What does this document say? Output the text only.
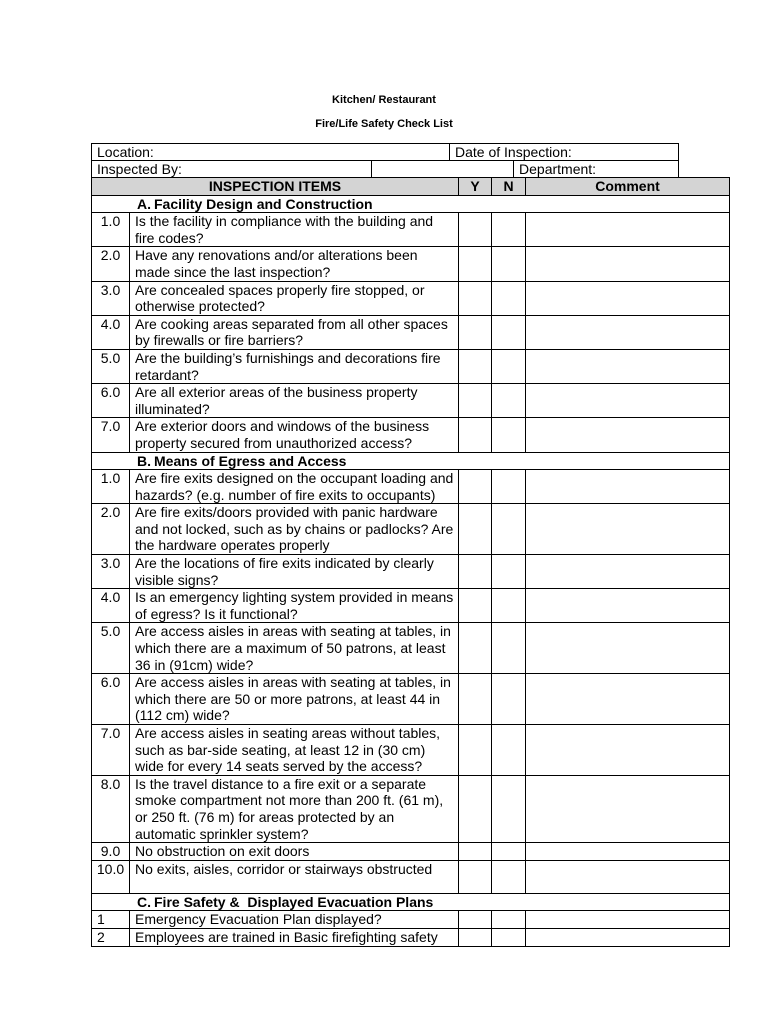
Kitchen/ Restaurant
Fire/Life Safety Check List
Location:		Date of Inspection:	
Inspected By:			Department:
INSPECTION ITEMS		Y	N	Comment
A. Facility Design and Construction				
1.0	Is the facility in compliance with the building and fire codes?			
2.0	Have any renovations and/or alterations been made since the last inspection?			
3.0	Are concealed spaces properly fire stopped, or otherwise protected?			
4.0	Are cooking areas separated from all other spaces by firewalls or fire barriers?			
5.0	Are the building’s furnishings and decorations fire retardant?			
6.0	Are all exterior areas of the business property illuminated?			
7.0	Are exterior doors and windows of the business property secured from unauthorized access?			
B. Means of Egress and Access				
1.0	Are fire exits designed on the occupant loading and hazards? (e.g. number of fire exits to occupants)			
2.0	Are fire exits/doors provided with panic hardware and not locked, such as by chains or padlocks? Are the hardware operates properly			
3.0	Are the locations of fire exits indicated by clearly visible signs?			
4.0	Is an emergency lighting system provided in means of egress? Is it functional?			
5.0	Are access aisles in areas with seating at tables, in which there are a maximum of 50 patrons, at least 36 in (91cm) wide?			
6.0	Are access aisles in areas with seating at tables, in which there are 50 or more patrons, at least 44 in (112 cm) wide?			
7.0	Are access aisles in seating areas without tables, such as bar-side seating, at least 12 in (30 cm) wide for every 14 seats served by the access?			
8.0	Is the travel distance to a fire exit or a separate smoke compartment not more than 200 ft. (61 m), or 250 ft. (76 m) for areas protected by an automatic sprinkler system?			
9.0	No obstruction on exit doors			
10.0	No exits, aisles, corridor or stairways obstructed			

C. Fire Safety &  Displayed Evacuation Plans				
1	Emergency Evacuation Plan displayed?			
2	Employees are trained in Basic firefighting safety			
